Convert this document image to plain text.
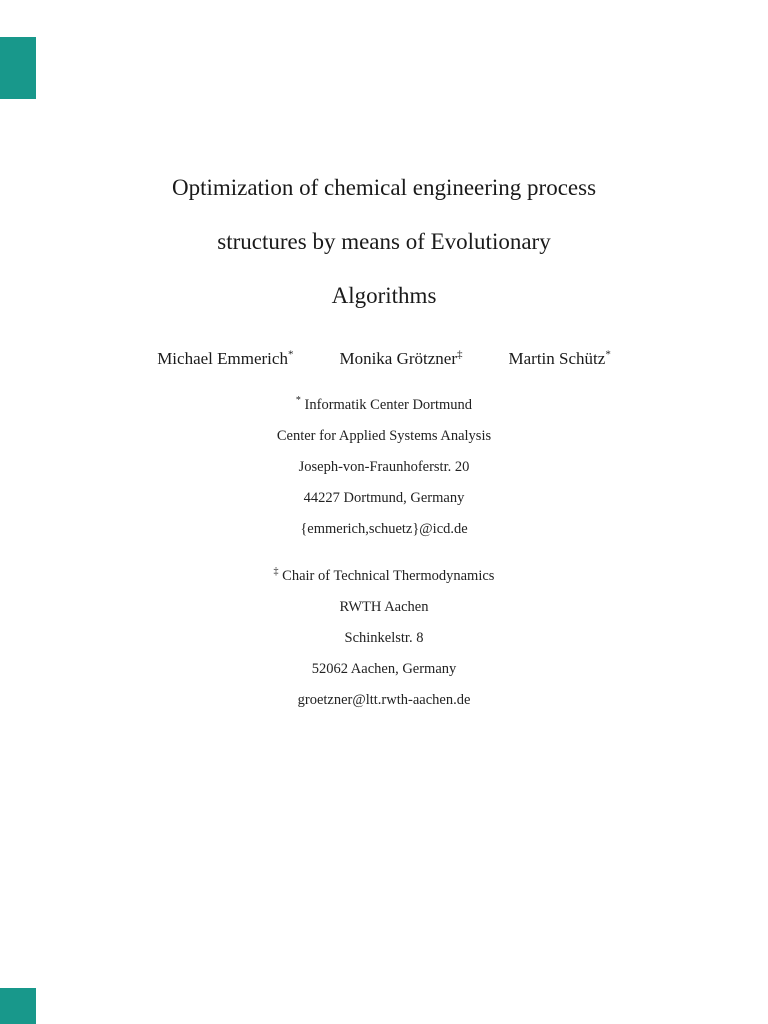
Optimization of chemical engineering process
structures by means of Evolutionary
Algorithms
Michael Emmerich*	Monika Grötzner‡	Martin Schütz*
* Informatik Center Dortmund
Center for Applied Systems Analysis
Joseph-von-Fraunhoferstr. 20
44227 Dortmund, Germany
{emmerich,schuetz}@icd.de
‡ Chair of Technical Thermodynamics
RWTH Aachen
Schinkelstr. 8
52062 Aachen, Germany
groetzner@ltt.rwth-aachen.de
